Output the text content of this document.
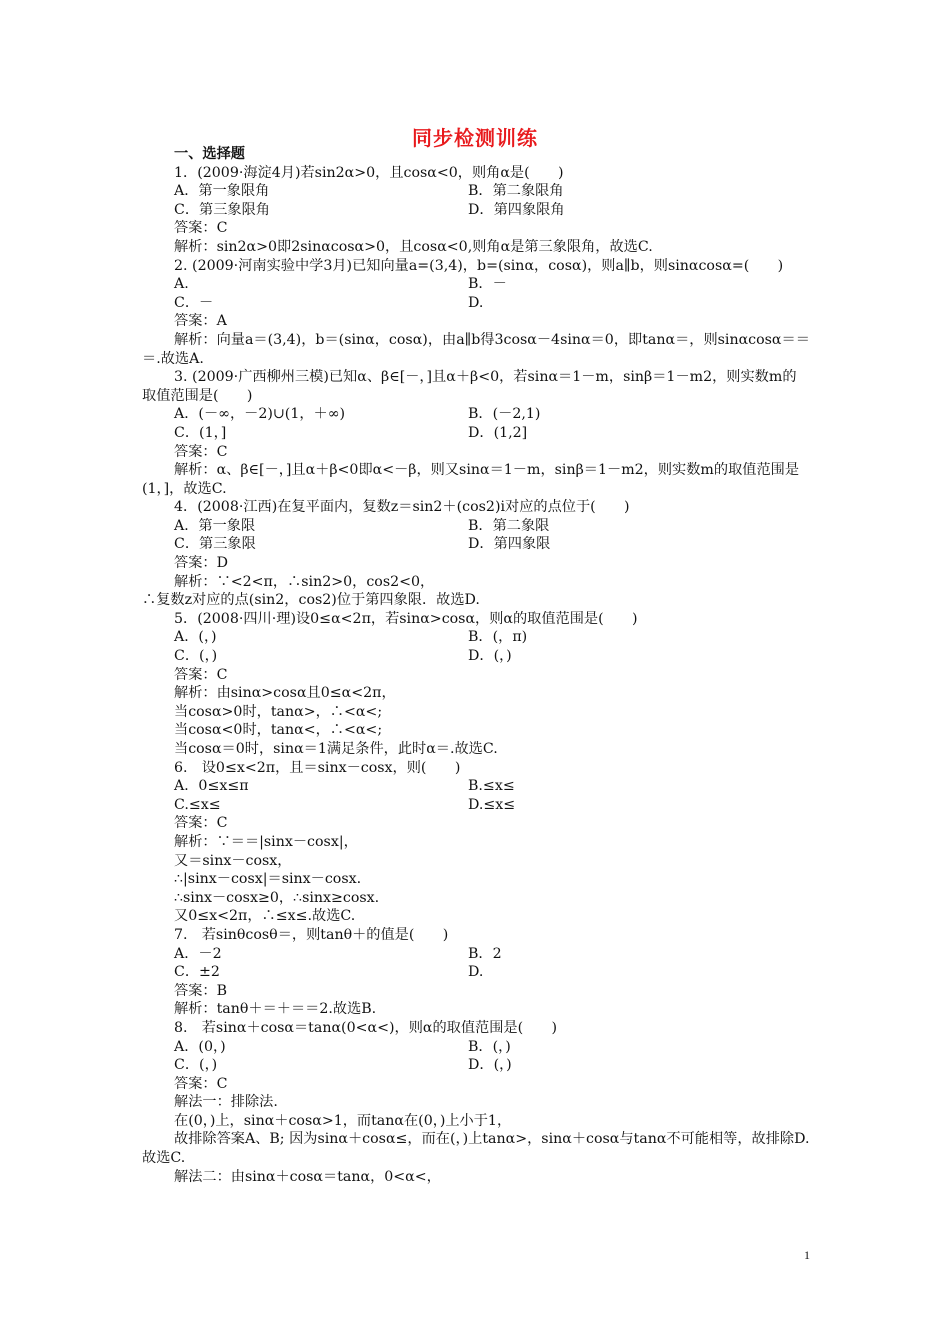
同步检测训练
一、选择题
1．(2009·海淀4月)若sin2α>0，且cosα<0，则角α是(　　)
A．第一象限角	B．第二象限角
C．第三象限角	D．第四象限角
答案：C
解析：sin2α>0即2sinαcosα>0，且cosα<0,则角α是第三象限角，故选C.
2. (2009·河南实验中学3月)已知向量a=(3,4)，b=(sinα，cosα)，则a∥b，则sinαcosα=(　　)
A.	B．－
C．－	D.
答案：A
解析：向量a＝(3,4)，b＝(sinα，cosα)，由a∥b得3cosα－4sinα＝0，即tanα＝，则sinαcosα＝＝＝.故选A.
3. (2009·广西柳州三模)已知α、β∈[－，]且α＋β<0，若sinα＝1－m，sinβ＝1－m2，则实数m的取值范围是(　　)
A．(－∞，－2)∪(1，＋∞)	B．(－2,1)
C．(1，]	D．(1,2]
答案：C
解析：α、β∈[－，]且α＋β<0即α<－β，则又sinα＝1－m，sinβ＝1－m2，则实数m的取值范围是(1，]，故选C.
4．(2008·江西)在复平面内，复数z＝sin2＋(cos2)i对应的点位于(　　)
A．第一象限	B．第二象限
C．第三象限	D．第四象限
答案：D
解析：∵<2<π，∴sin2>0，cos2<0，
∴复数z对应的点(sin2，cos2)位于第四象限．故选D.
5．(2008·四川·理)设0≤α<2π，若sinα>cosα，则α的取值范围是(　　)
A．(，)	B．(，π)
C．(，)	D．(，)
答案：C
解析：由sinα>cosα且0≤α<2π，
当cosα>0时，tanα>，∴<α<;
当cosα<0时，tanα<，∴<α<;
当cosα＝0时，sinα＝1满足条件，此时α＝.故选C.
6.　设0≤x<2π，且＝sinx－cosx，则(　　)
A．0≤x≤π	B.≤x≤
C.≤x≤	D.≤x≤
答案：C
解析：∵＝＝|sinx－cosx|，
又＝sinx－cosx，
∴|sinx－cosx|＝sinx－cosx.
∴sinx－cosx≥0，∴sinx≥cosx.
又0≤x<2π，∴≤x≤.故选C.
7.　若sinθcosθ＝，则tanθ＋的值是(　　)
A．－2	B．2
C．±2	D.
答案：B
解析：tanθ＋＝＋＝＝2.故选B.
8.　若sinα＋cosα＝tanα(0<α<)，则α的取值范围是(　　)
A．(0，)	B．(，)
C．(，)	D．(，)
答案：C
解法一：排除法.
在(0，)上，sinα＋cosα>1，而tanα在(0，)上小于1，
故排除答案A、B; 因为sinα＋cosα≤，而在(，)上tanα>，sinα＋cosα与tanα不可能相等，故排除D.故选C.
解法二：由sinα＋cosα＝tanα，0<α<，
1
